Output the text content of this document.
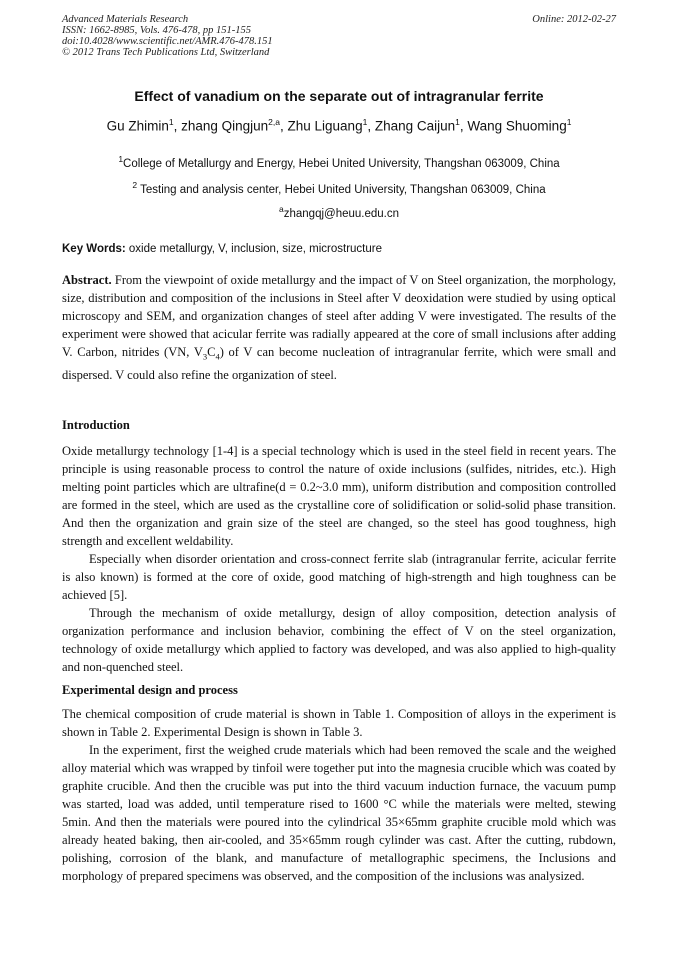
Advanced Materials Research
ISSN: 1662-8985, Vols. 476-478, pp 151-155
doi:10.4028/www.scientific.net/AMR.476-478.151
© 2012 Trans Tech Publications Ltd, Switzerland
Online: 2012-02-27
Effect of vanadium on the separate out of intragranular ferrite
Gu Zhimin$^1$, zhang Qingjun$^{2,a}$, Zhu Liguang$^1$, Zhang Caijun$^1$, Wang Shuoming$^1$
$^1$College of Metallurgy and Energy, Hebei United University, Thangshan 063009, China
$^2$ Testing and analysis center, Hebei United University, Thangshan 063009, China
$^a$zhangqj@heuu.edu.cn
Key Words: oxide metallurgy, V, inclusion, size, microstructure

Abstract. From the viewpoint of oxide metallurgy and the impact of V on Steel organization, the morphology, size, distribution and composition of the inclusions in Steel after V deoxidation were studied by using optical microscopy and SEM, and organization changes of steel after adding V were investigated. The results of the experiment were showed that acicular ferrite was radially appeared at the core of small inclusions after adding V. Carbon, nitrides (VN, $V_3C_4$) of V can become nucleation of intragranular ferrite, which were small and dispersed. V could also refine the organization of steel.

Introduction

Oxide metallurgy technology [1-4] is a special technology which is used in the steel field in recent years. The principle is using reasonable process to control the nature of oxide inclusions (sulfides, nitrides, etc.). High melting point particles which are ultrafine(d = 0.2~3.0 mm), uniform distribution and composition controlled are formed in the steel, which are used as the crystalline core of solidification or solid-solid phase transition. And then the organization and grain size of the steel are changed, so the steel has good toughness, high strength and excellent weldability.

Especially when disorder orientation and cross-connect ferrite slab (intragranular ferrite, acicular ferrite is also known) is formed at the core of oxide, good matching of high-strength and high toughness can be achieved [5].

Through the mechanism of oxide metallurgy, design of alloy composition, detection analysis of organization performance and inclusion behavior, combining the effect of V on the steel organization, technology of oxide metallurgy which applied to factory was developed, and was also applied to high-quality and non-quenched steel.

Experimental design and process

The chemical composition of crude material is shown in Table 1. Composition of alloys in the experiment is shown in Table 2. Experimental Design is shown in Table 3.

In the experiment, first the weighed crude materials which had been removed the scale and the weighed alloy material which was wrapped by tinfoil were together put into the magnesia crucible which was coated by graphite crucible. And then the crucible was put into the third vacuum induction furnace, the vacuum pump was started, load was added, until temperature rised to 1600 °C while the materials were melted, stewing 5min. And then the materials were poured into the cylindrical 35×65mm graphite crucible mold which was already heated baking, then air-cooled, and 35×65mm rough cylinder was cast. After the cutting, rubdown, polishing, corrosion of the blank, and manufacture of metallographic specimens, the Inclusions and morphology of prepared specimens was observed, and the composition of the inclusions was analysized.
